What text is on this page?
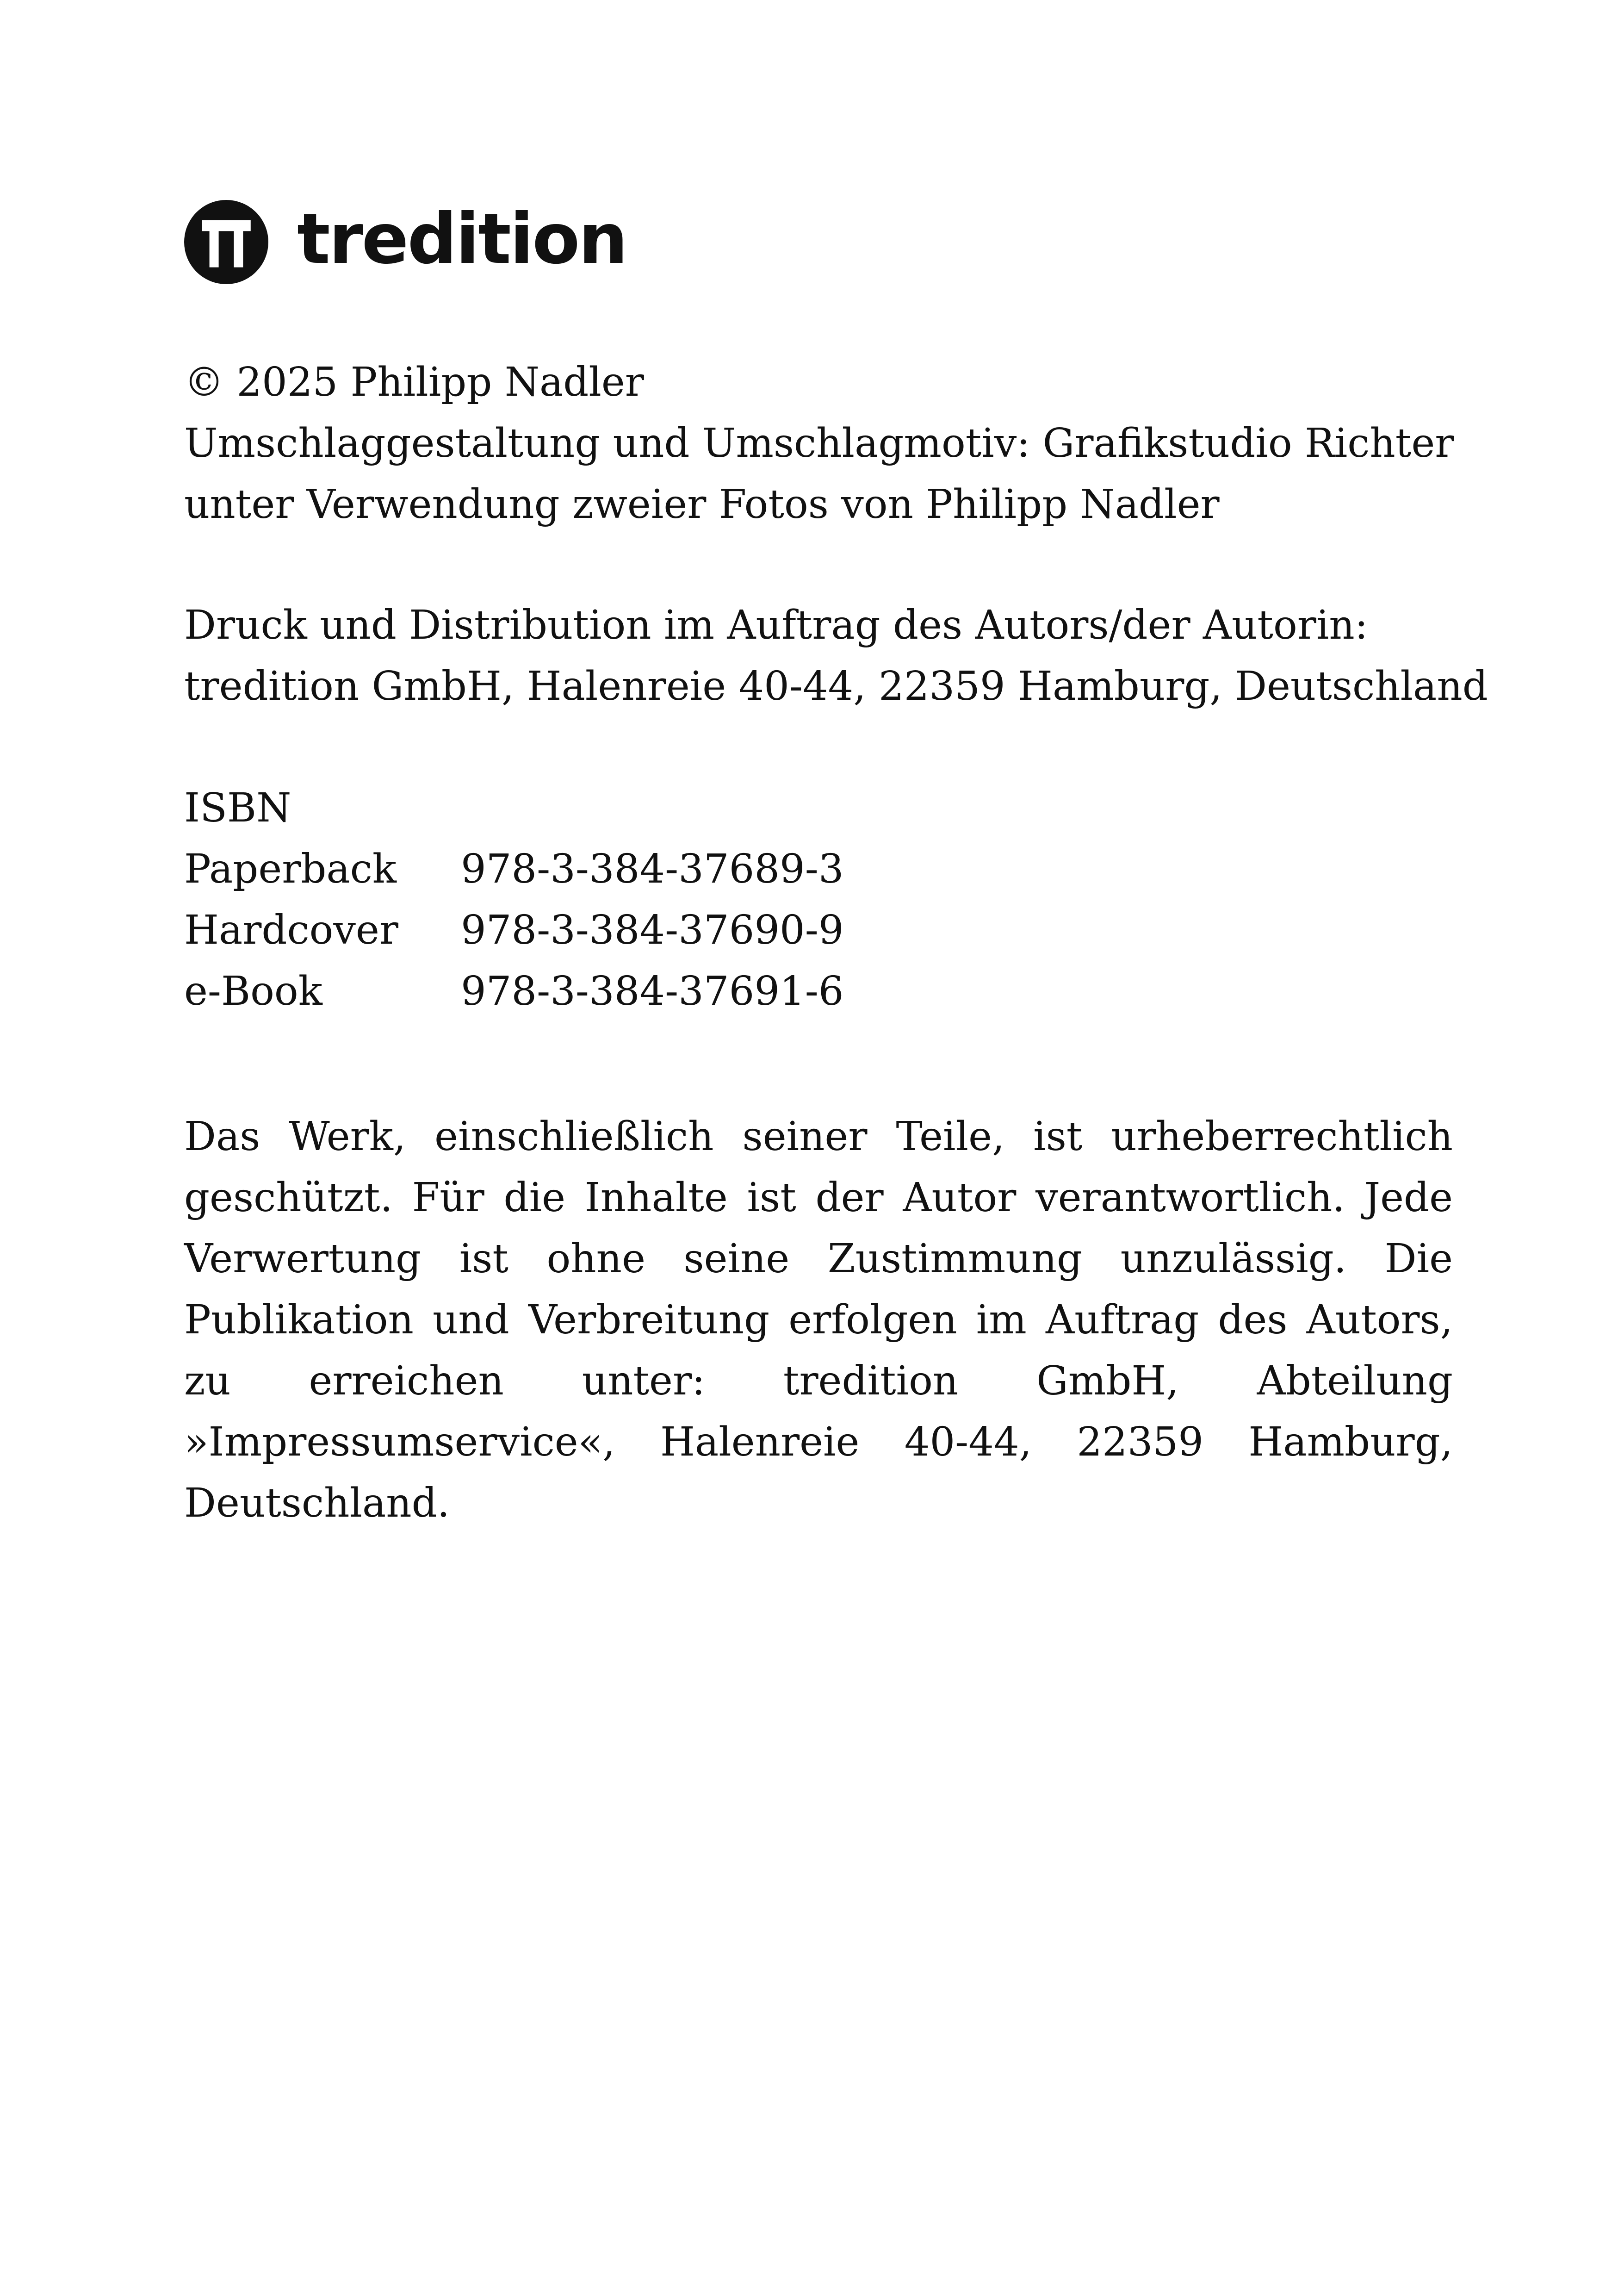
tredition
© 2025 Philipp Nadler
Umschlaggestaltung und Umschlagmotiv: Grafikstudio Richter
unter Verwendung zweier Fotos von Philipp Nadler
Druck und Distribution im Auftrag des Autors/der Autorin:
tredition GmbH, Halenreie 40-44, 22359 Hamburg, Deutschland
ISBN
Paperback	978-3-384-37689-3
Hardcover	978-3-384-37690-9
e-Book	978-3-384-37691-6
Das Werk, einschließlich seiner Teile, ist urheberrechtlich geschützt. Für die Inhalte ist der Autor verantwortlich. Jede Verwertung ist ohne seine Zustimmung unzulässig. Die Publikation und Verbreitung erfolgen im Auftrag des Autors, zu erreichen unter: tredition GmbH, Abteilung »Impressumservice«, Halenreie 40-44, 22359 Hamburg, Deutschland.
